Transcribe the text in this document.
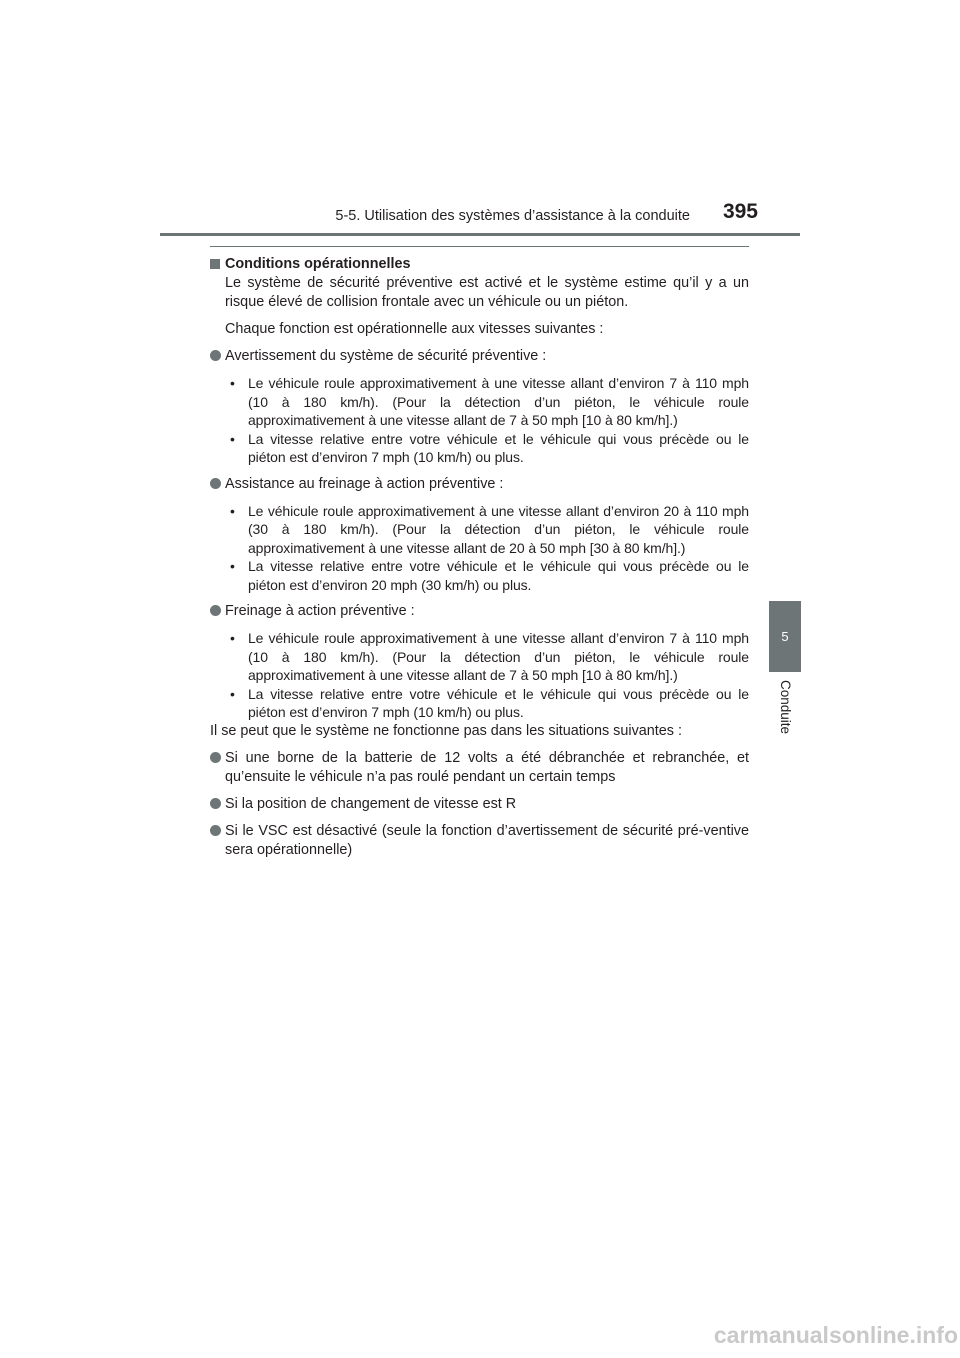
5-5. Utilisation des systèmes d’assistance à la conduite	395
5
Conduite
Conditions opérationnelles

Le système de sécurité préventive est activé et le système estime qu’il y a un risque élevé de collision frontale avec un véhicule ou un piéton.

Chaque fonction est opérationnelle aux vitesses suivantes :

Avertissement du système de sécurité préventive :
• Le véhicule roule approximativement à une vitesse allant d’environ 7 à 110 mph (10 à 180 km/h). (Pour la détection d’un piéton, le véhicule roule approximativement à une vitesse allant de 7 à 50 mph [10 à 80 km/h].)
• La vitesse relative entre votre véhicule et le véhicule qui vous précède ou le piéton est d’environ 7 mph (10 km/h) ou plus.
Assistance au freinage à action préventive :
• Le véhicule roule approximativement à une vitesse allant d’environ 20 à 110 mph (30 à 180 km/h). (Pour la détection d’un piéton, le véhicule roule approximativement à une vitesse allant de 20 à 50 mph [30 à 80 km/h].)
• La vitesse relative entre votre véhicule et le véhicule qui vous précède ou le piéton est d’environ 20 mph (30 km/h) ou plus.
Freinage à action préventive :
• Le véhicule roule approximativement à une vitesse allant d’environ 7 à 110 mph (10 à 180 km/h). (Pour la détection d’un piéton, le véhicule roule approximativement à une vitesse allant de 7 à 50 mph [10 à 80 km/h].)
• La vitesse relative entre votre véhicule et le véhicule qui vous précède ou le piéton est d’environ 7 mph (10 km/h) ou plus.

Il se peut que le système ne fonctionne pas dans les situations suivantes :

Si une borne de la batterie de 12 volts a été débranchée et rebranchée, et qu’ensuite le véhicule n’a pas roulé pendant un certain temps
Si la position de changement de vitesse est R
Si le VSC est désactivé (seule la fonction d’avertissement de sécurité pré-ventive sera opérationnelle)
carmanualsonline.info
